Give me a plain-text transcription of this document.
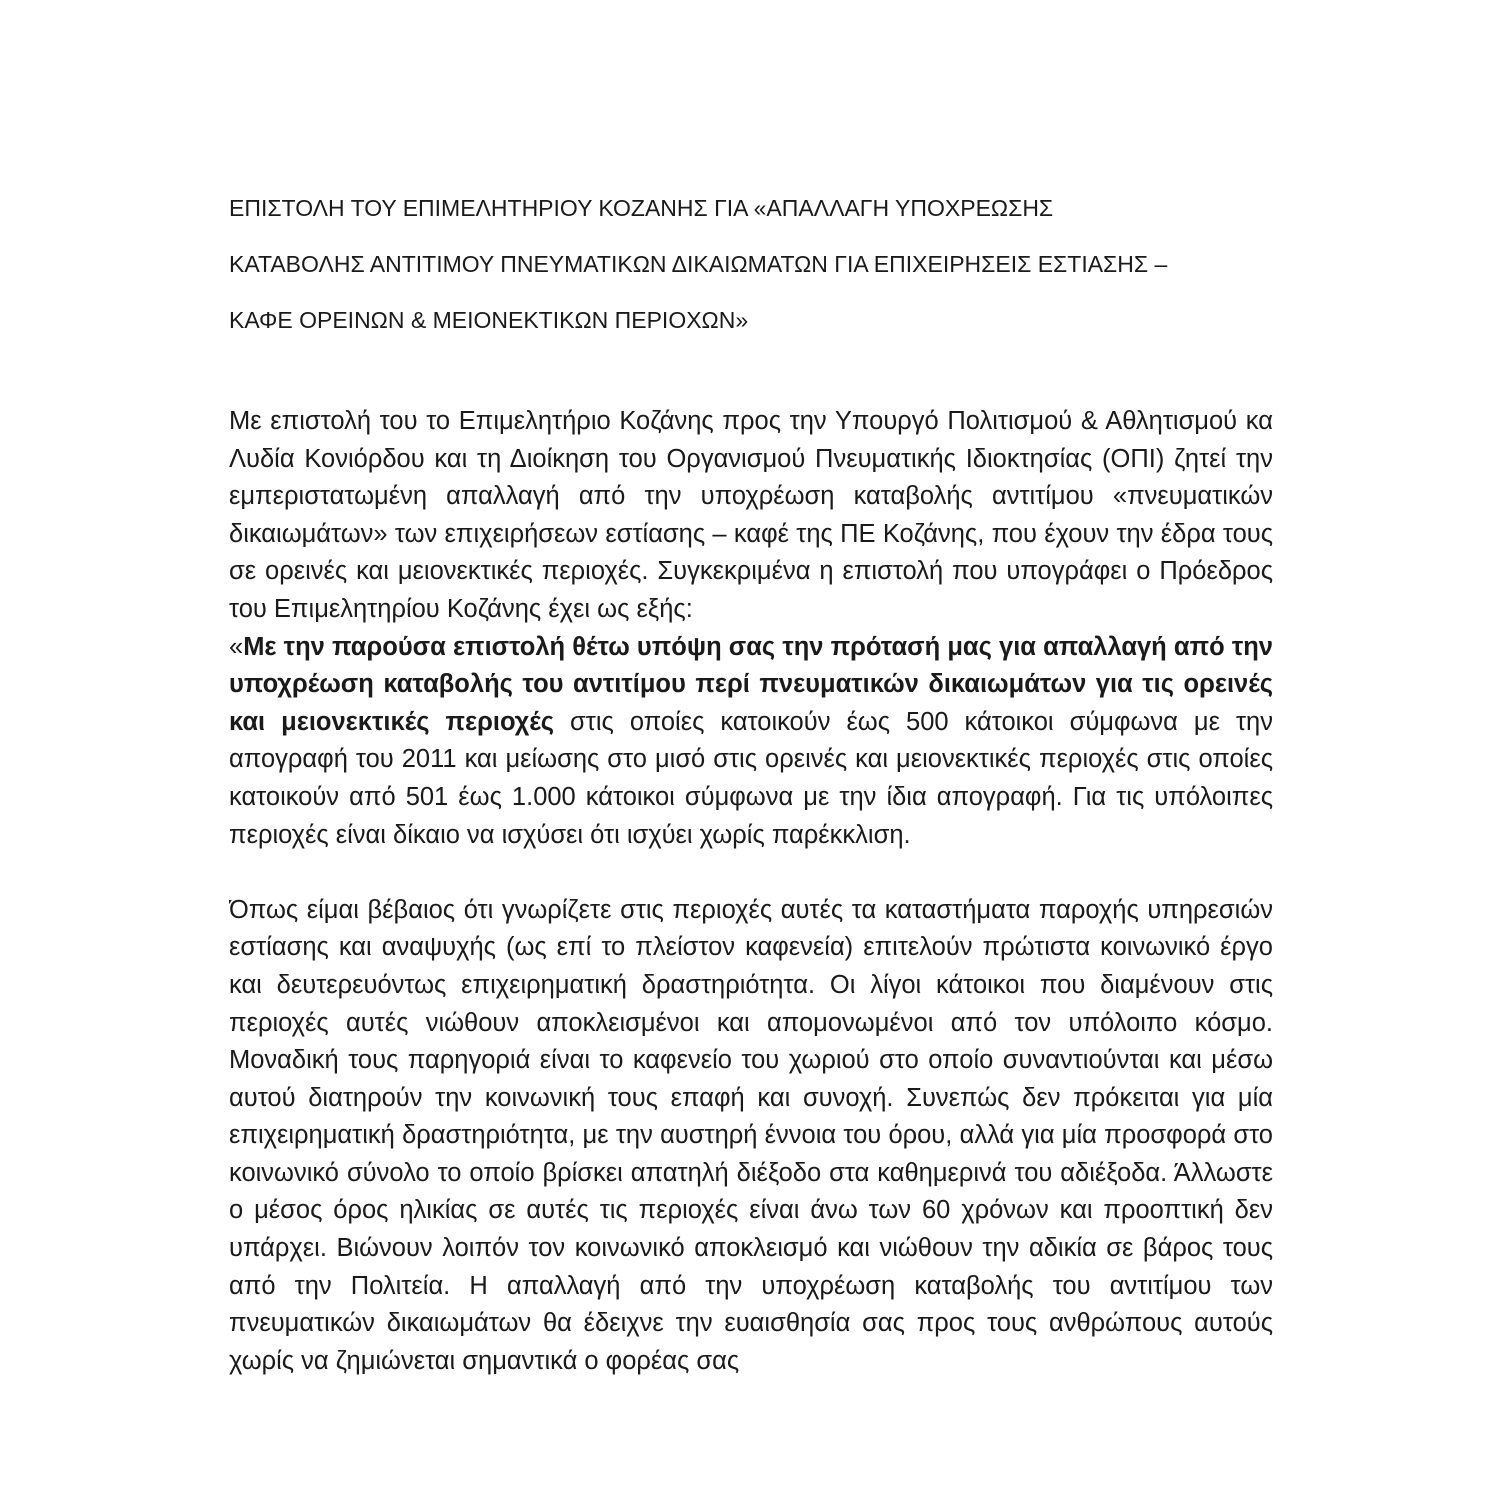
ΕΠΙΣΤΟΛΗ ΤΟΥ ΕΠΙΜΕΛΗΤΗΡΙΟΥ ΚΟΖΑΝΗΣ ΓΙΑ «ΑΠΑΛΛΑΓΗ ΥΠΟΧΡΕΩΣΗΣ
ΚΑΤΑΒΟΛΗΣ ΑΝΤΙΤΙΜΟΥ ΠΝΕΥΜΑΤΙΚΩΝ ΔΙΚΑΙΩΜΑΤΩΝ ΓΙΑ ΕΠΙΧΕΙΡΗΣΕΙΣ ΕΣΤΙΑΣΗΣ –
ΚΑΦΕ ΟΡΕΙΝΩΝ & ΜΕΙΟΝΕΚΤΙΚΩΝ ΠΕΡΙΟΧΩΝ»

Με επιστολή του το Επιμελητήριο Κοζάνης προς την Υπουργό Πολιτισμού & Αθλητισμού κα Λυδία Κονιόρδου και τη Διοίκηση του Οργανισμού Πνευματικής Ιδιοκτησίας (ΟΠΙ) ζητεί την εμπεριστατωμένη απαλλαγή από την υποχρέωση καταβολής αντιτίμου «πνευματικών δικαιωμάτων» των επιχειρήσεων εστίασης – καφέ της ΠΕ Κοζάνης, που έχουν την έδρα τους σε ορεινές και μειονεκτικές περιοχές. Συγκεκριμένα η επιστολή που υπογράφει ο Πρόεδρος του Επιμελητηρίου Κοζάνης έχει ως εξής:

«Με την παρούσα επιστολή θέτω υπόψη σας την πρότασή μας για απαλλαγή από την υποχρέωση καταβολής του αντιτίμου περί πνευματικών δικαιωμάτων για τις ορεινές και μειονεκτικές περιοχές στις οποίες κατοικούν έως 500 κάτοικοι σύμφωνα με την απογραφή του 2011 και μείωσης στο μισό στις ορεινές και μειονεκτικές περιοχές στις οποίες κατοικούν από 501 έως 1.000 κάτοικοι σύμφωνα με την ίδια απογραφή. Για τις υπόλοιπες περιοχές είναι δίκαιο να ισχύσει ότι ισχύει χωρίς παρέκκλιση.

Όπως είμαι βέβαιος ότι γνωρίζετε στις περιοχές αυτές τα καταστήματα παροχής υπηρεσιών εστίασης και αναψυχής (ως επί το πλείστον καφενεία) επιτελούν πρώτιστα κοινωνικό έργο και δευτερευόντως επιχειρηματική δραστηριότητα. Οι λίγοι κάτοικοι που διαμένουν στις περιοχές αυτές νιώθουν αποκλεισμένοι και απομονωμένοι από τον υπόλοιπο κόσμο. Μοναδική τους παρηγοριά είναι το καφενείο του χωριού στο οποίο συναντιούνται και μέσω αυτού διατηρούν την κοινωνική τους επαφή και συνοχή. Συνεπώς δεν πρόκειται για μία επιχειρηματική δραστηριότητα, με την αυστηρή έννοια του όρου, αλλά για μία προσφορά στο κοινωνικό σύνολο το οποίο βρίσκει απατηλή διέξοδο στα καθημερινά του αδιέξοδα. Άλλωστε ο μέσος όρος ηλικίας σε αυτές τις περιοχές είναι άνω των 60 χρόνων και προοπτική δεν υπάρχει. Βιώνουν λοιπόν τον κοινωνικό αποκλεισμό και νιώθουν την αδικία σε βάρος τους από την Πολιτεία. Η απαλλαγή από την υποχρέωση καταβολής του αντιτίμου των πνευματικών δικαιωμάτων θα έδειχνε την ευαισθησία σας προς τους ανθρώπους αυτούς χωρίς να ζημιώνεται σημαντικά ο φορέας σας
